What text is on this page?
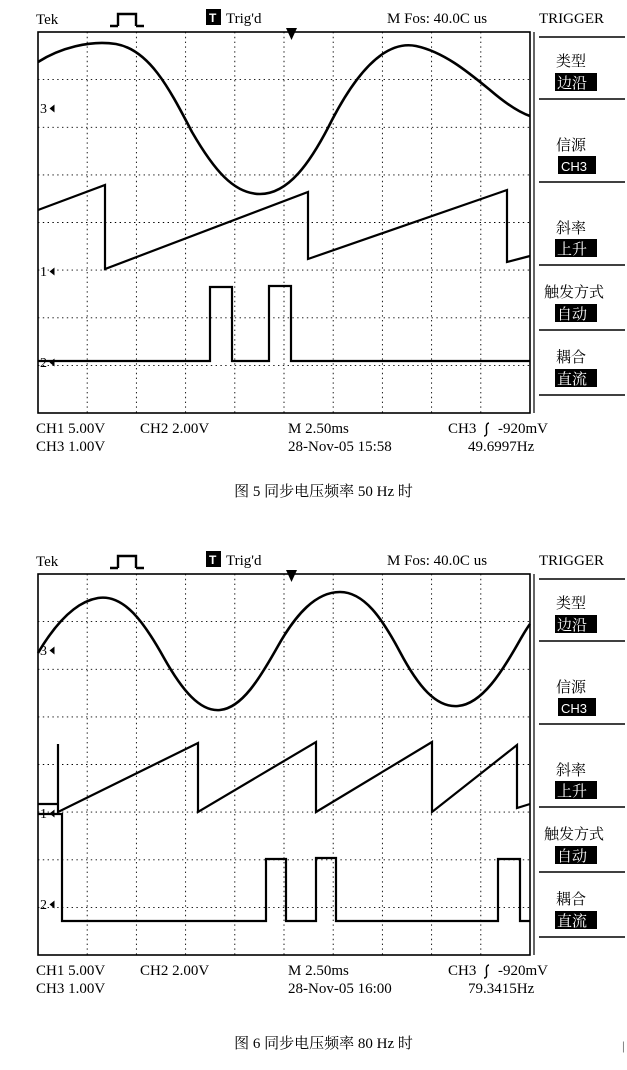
Tek	T Trig'd	M Fos: 40.0C us	TRIGGER
3
1
2
类型
边沿
信源
CH3
斜率
上升
触发方式
自动
耦合
直流
CH1 5.00V CH2 2.00V	M 2.50ms	CH3 -920mV
CH3 1.00V	28-Nov-05 15:58	49.6997Hz
图 5 同步电压频率 50 Hz 时
Tek	T Trig'd	M Fos: 40.0C us	TRIGGER
3
1
2
类型
边沿
信源
CH3
斜率
上升
触发方式
自动
耦合
直流
CH1 5.00V CH2 2.00V	M 2.50ms	CH3 -920mV
CH3 1.00V	28-Nov-05 16:00	79.3415Hz
图 6 同步电压频率 80 Hz 时	|
